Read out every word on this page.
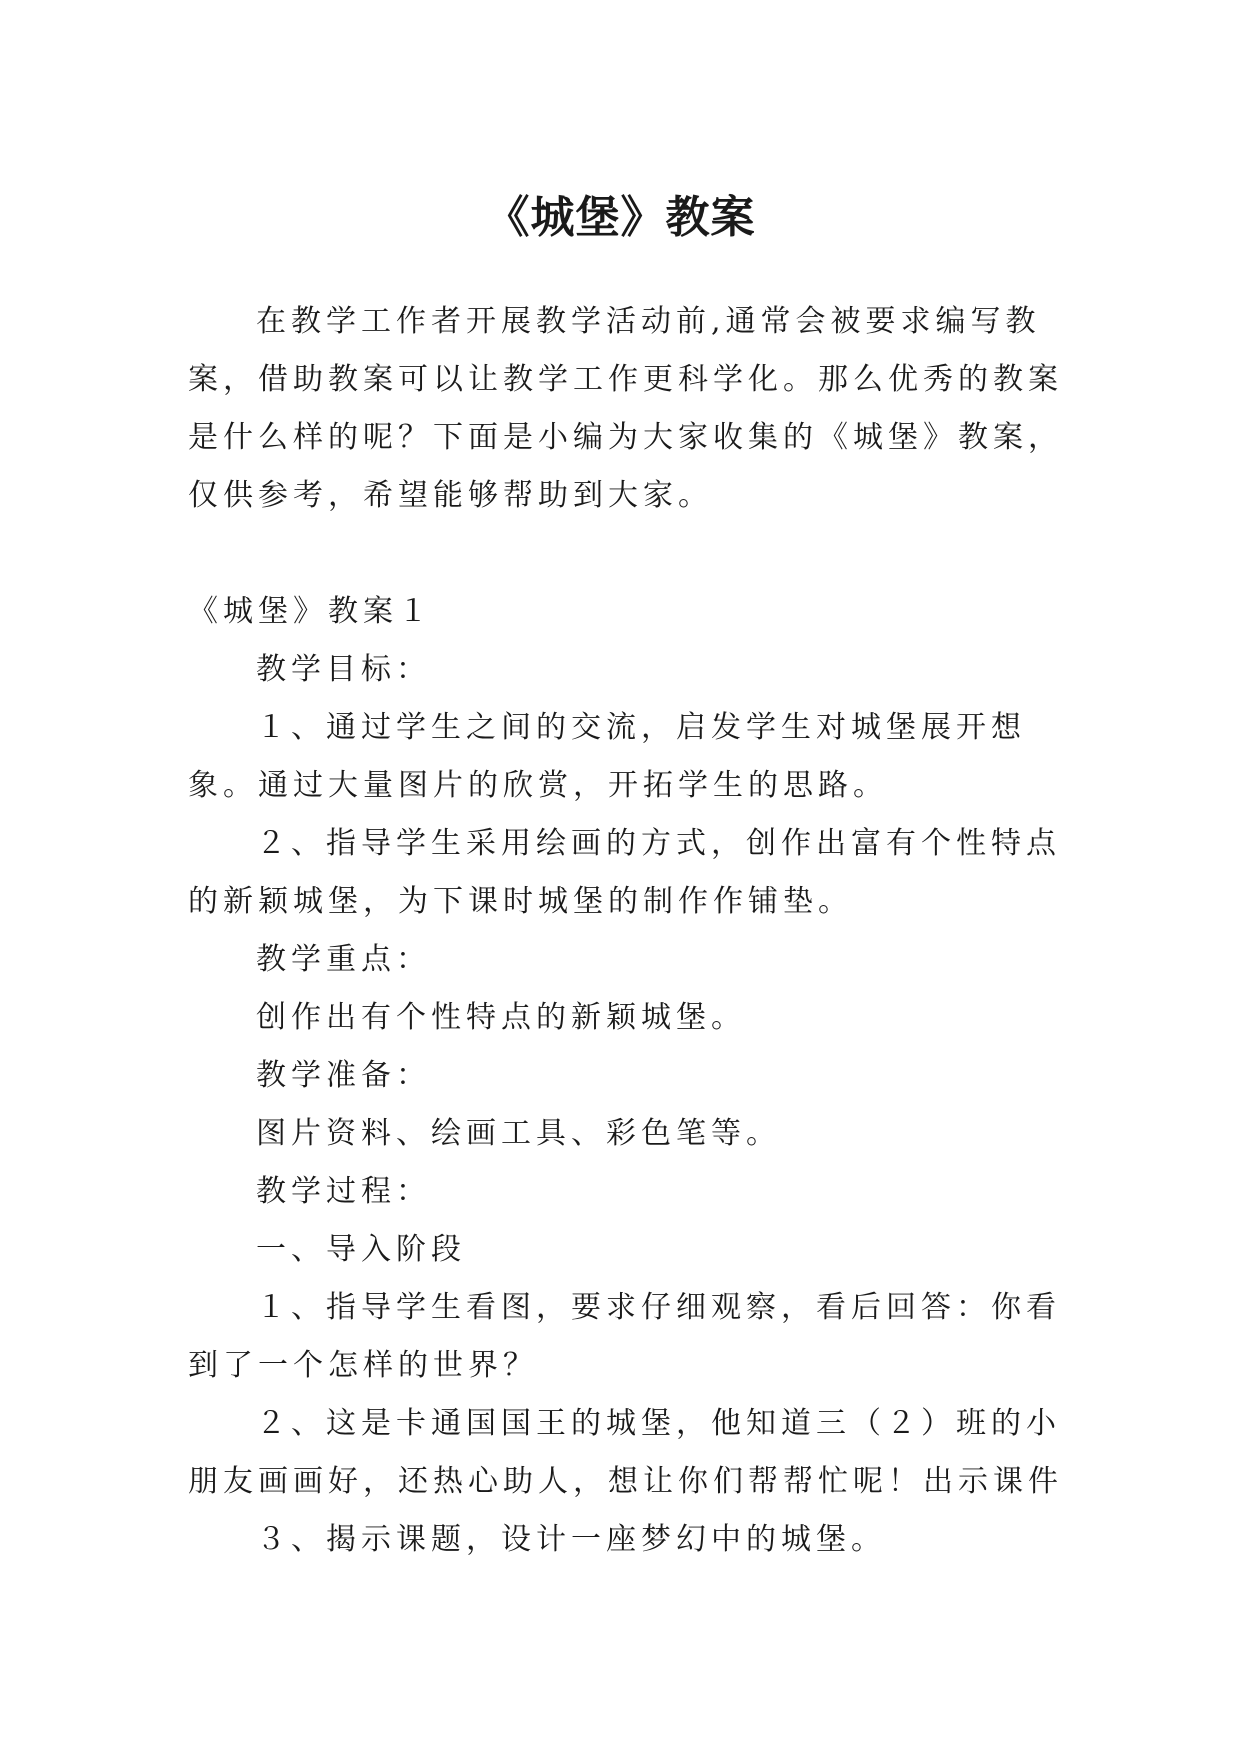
《城堡》教案

在教学工作者开展教学活动前,通常会被要求编写教案，借助教案可以让教学工作更科学化。那么优秀的教案是什么样的呢？下面是小编为大家收集的《城堡》教案，仅供参考，希望能够帮助到大家。

《城堡》教案１

教学目标：

１、通过学生之间的交流，启发学生对城堡展开想象。通过大量图片的欣赏，开拓学生的思路。

２、指导学生采用绘画的方式，创作出富有个性特点的新颖城堡，为下课时城堡的制作作铺垫。

教学重点：

创作出有个性特点的新颖城堡。

教学准备：

图片资料、绘画工具、彩色笔等。

教学过程：

一、导入阶段

１、指导学生看图，要求仔细观察，看后回答：你看到了一个怎样的世界？

２、这是卡通国国王的城堡，他知道三（２）班的小朋友画画好，还热心助人，想让你们帮帮忙呢！出示课件

３、揭示课题，设计一座梦幻中的城堡。
